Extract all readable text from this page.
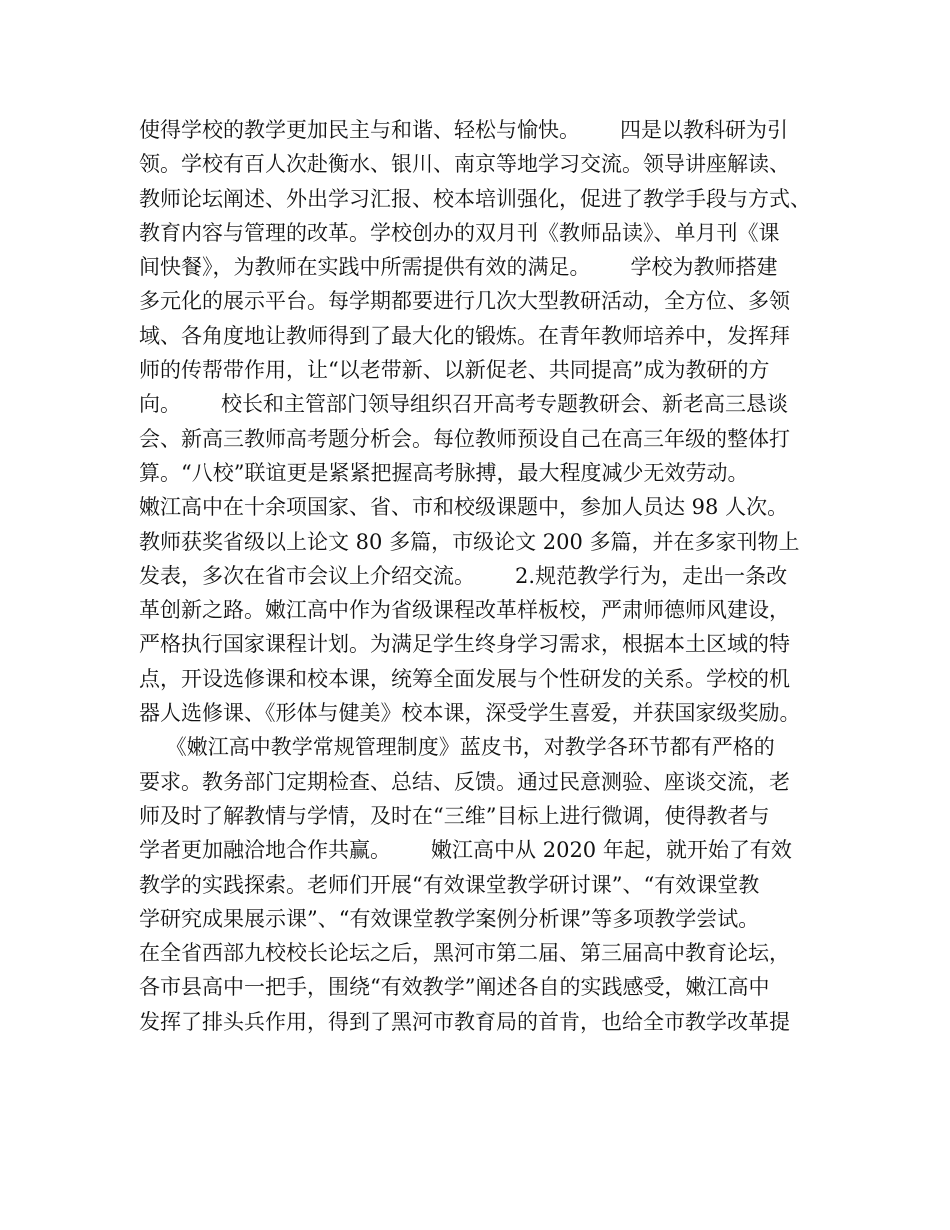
使得学校的教学更加民主与和谐、轻松与愉快。      四是以教科研为引
领。学校有百人次赴衡水、银川、南京等地学习交流。领导讲座解读、
教师论坛阐述、外出学习汇报、校本培训强化，促进了教学手段与方式、
教育内容与管理的改革。学校创办的双月刊《教师品读》、单月刊《课
间快餐》，为教师在实践中所需提供有效的满足。      学校为教师搭建
多元化的展示平台。每学期都要进行几次大型教研活动，全方位、多领
域、各角度地让教师得到了最大化的锻炼。在青年教师培养中，发挥拜
师的传帮带作用，让“以老带新、以新促老、共同提高”成为教研的方
向。      校长和主管部门领导组织召开高考专题教研会、新老高三恳谈
会、新高三教师高考题分析会。每位教师预设自己在高三年级的整体打
算。“八校”联谊更是紧紧把握高考脉搏，最大程度减少无效劳动。
嫩江高中在十余项国家、省、市和校级课题中，参加人员达 98 人次。
教师获奖省级以上论文 80 多篇，市级论文 200 多篇，并在多家刊物上
发表，多次在省市会议上介绍交流。      2.规范教学行为，走出一条改
革创新之路。嫩江高中作为省级课程改革样板校，严肃师德师风建设，
严格执行国家课程计划。为满足学生终身学习需求，根据本土区域的特
点，开设选修课和校本课，统筹全面发展与个性研发的关系。学校的机
器人选修课、《形体与健美》校本课，深受学生喜爱，并获国家级奖励。
《嫩江高中教学常规管理制度》蓝皮书，对教学各环节都有严格的
要求。教务部门定期检查、总结、反馈。通过民意测验、座谈交流，老
师及时了解教情与学情，及时在“三维”目标上进行微调，使得教者与
学者更加融洽地合作共赢。      嫩江高中从 2020 年起，就开始了有效
教学的实践探索。老师们开展“有效课堂教学研讨课”、“有效课堂教
学研究成果展示课”、“有效课堂教学案例分析课”等多项教学尝试。
在全省西部九校校长论坛之后，黑河市第二届、第三届高中教育论坛，
各市县高中一把手，围绕“有效教学”阐述各自的实践感受，嫩江高中
发挥了排头兵作用，得到了黑河市教育局的首肯，也给全市教学改革提
